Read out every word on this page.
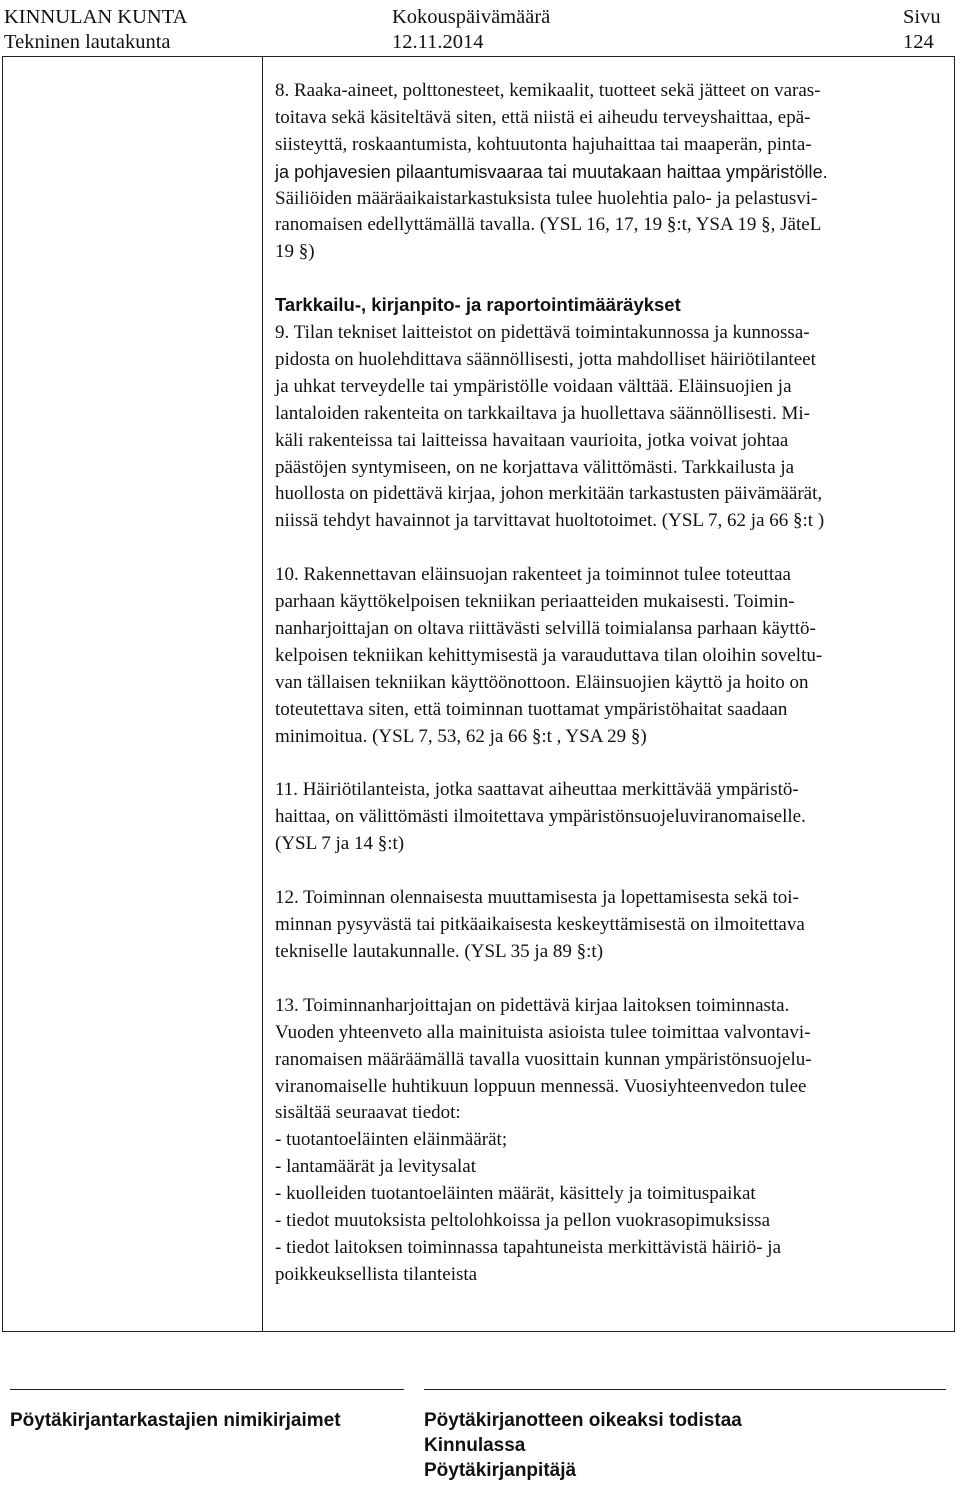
KINNULAN KUNTA
Tekninen lautakunta
Kokouspäivämäärä
12.11.2014
Sivu
124
8. Raaka-aineet, polttonesteet, kemikaalit, tuotteet sekä jätteet on varas-
toitava sekä käsiteltävä siten, että niistä ei aiheudu terveyshaittaa, epä-
siisteyttä, roskaantumista, kohtuutonta hajuhaittaa tai maaperän, pinta-
ja pohjavesien pilaantumisvaaraa tai muutakaan haittaa ympäristölle.
Säiliöiden määräaikaistarkastuksista tulee huolehtia palo- ja pelastusvi-
ranomaisen edellyttämällä tavalla. (YSL 16, 17, 19 §:t, YSA 19 §, JäteL
19 §)
Tarkkailu-, kirjanpito- ja raportointimääräykset
9. Tilan tekniset laitteistot on pidettävä toimintakunnossa ja kunnossa-
pidosta on huolehdittava säännöllisesti, jotta mahdolliset häiriötilanteet
ja uhkat terveydelle tai ympäristölle voidaan välttää. Eläinsuojien ja
lantaloiden rakenteita on tarkkailtava ja huollettava säännöllisesti. Mi-
käli rakenteissa tai laitteissa havaitaan vaurioita, jotka voivat johtaa
päästöjen syntymiseen, on ne korjattava välittömästi. Tarkkailusta ja
huollosta on pidettävä kirjaa, johon merkitään tarkastusten päivämäärät,
niissä tehdyt havainnot ja tarvittavat huoltotoimet. (YSL 7, 62 ja 66 §:t )
10. Rakennettavan eläinsuojan rakenteet ja toiminnot tulee toteuttaa
parhaan käyttökelpoisen tekniikan periaatteiden mukaisesti. Toimin-
nanharjoittajan on oltava riittävästi selvillä toimialansa parhaan käyttö-
kelpoisen tekniikan kehittymisestä ja varauduttava tilan oloihin soveltu-
van tällaisen tekniikan käyttöönottoon. Eläinsuojien käyttö ja hoito on
toteutettava siten, että toiminnan tuottamat ympäristöhaitat saadaan
minimoitua. (YSL 7, 53, 62 ja 66 §:t , YSA 29 §)
11. Häiriötilanteista, jotka saattavat aiheuttaa merkittävää ympäristö-
haittaa, on välittömästi ilmoitettava ympäristönsuojeluviranomaiselle.
(YSL 7 ja 14 §:t)
12. Toiminnan olennaisesta muuttamisesta ja lopettamisesta sekä toi-
minnan pysyvästä tai pitkäaikaisesta keskeyttämisestä on ilmoitettava
tekniselle lautakunnalle. (YSL 35 ja 89 §:t)
13. Toiminnanharjoittajan on pidettävä kirjaa laitoksen toiminnasta.
Vuoden yhteenveto alla mainituista asioista tulee toimittaa valvontavi-
ranomaisen määräämällä tavalla vuosittain kunnan ympäristönsuojelu-
viranomaiselle huhtikuun loppuun mennessä. Vuosiyhteenvedon tulee
sisältää seuraavat tiedot:
- tuotantoeläinten eläinmäärät;
- lantamäärät ja levitysalat
- kuolleiden tuotantoeläinten määrät, käsittely ja toimituspaikat
- tiedot muutoksista peltolohkoissa ja pellon vuokrasopimuksissa
- tiedot laitoksen toiminnassa tapahtuneista merkittävistä häiriö- ja
poikkeuksellista tilanteista
Pöytäkirjantarkastajien nimikirjaimet	Pöytäkirjanotteen oikeaksi todistaa
Kinnulassa
Pöytäkirjanpitäjä
